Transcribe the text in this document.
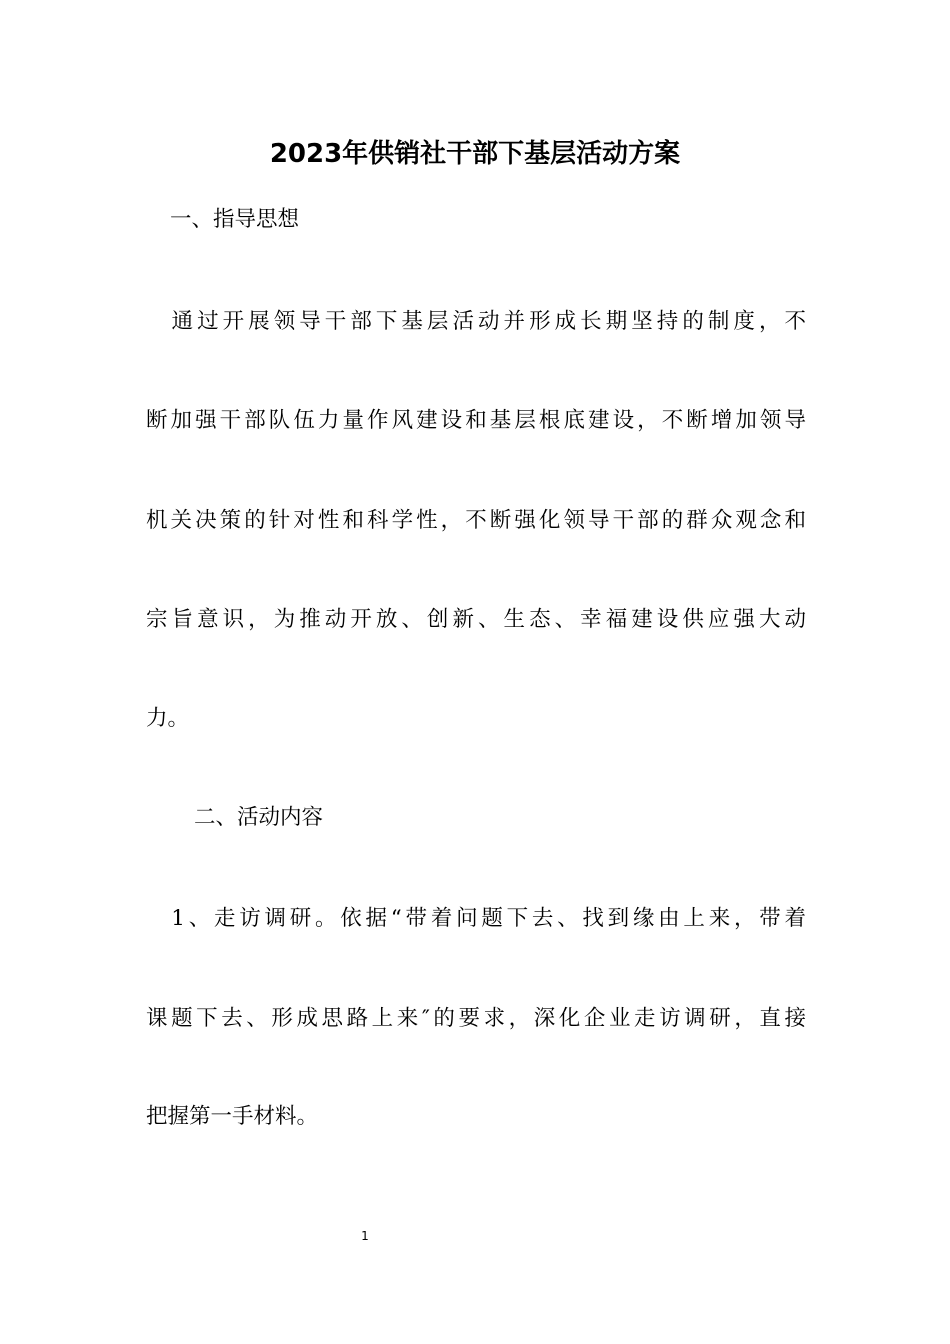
2023年供销社干部下基层活动方案
一、指导思想
　通过开展领导干部下基层活动并形成长期坚持的制度，不
断加强干部队伍力量作风建设和基层根底建设，不断增加领导
机关决策的针对性和科学性，不断强化领导干部的群众观念和
宗旨意识，为推动开放、创新、生态、幸福建设供应强大动
力。
二、活动内容
　1、走访调研。依据“带着问题下去、找到缘由上来，带着
课题下去、形成思路上来″的要求，深化企业走访调研，直接
把握第一手材料。
1
